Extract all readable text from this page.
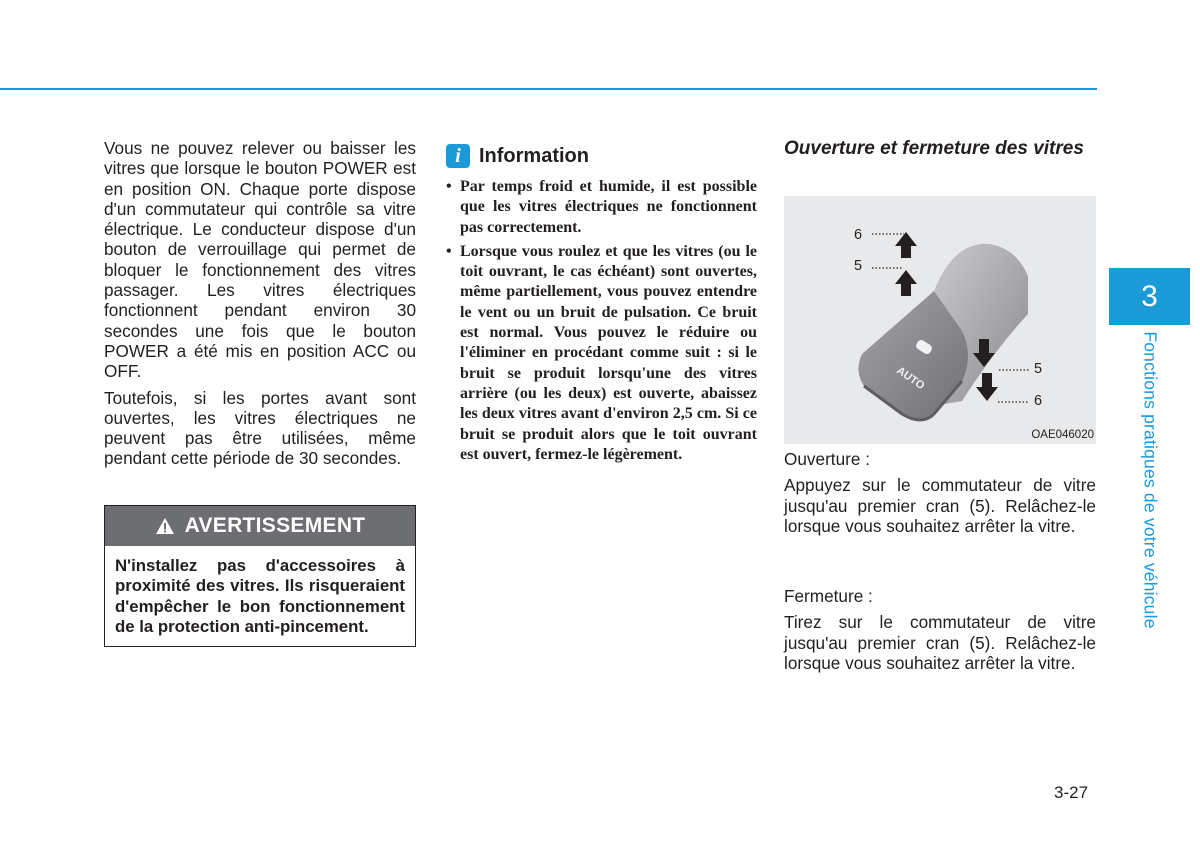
Vous ne pouvez relever ou baisser les vitres que lorsque le bouton POWER est en position ON. Chaque porte dispose d'un commutateur qui contrôle sa vitre électrique. Le conducteur dispose d'un bouton de verrouillage qui permet de bloquer le fonctionnement des vitres passager. Les vitres électriques fonctionnent pendant environ 30 secondes une fois que le bouton POWER a été mis en position ACC ou OFF.

Toutefois, si les portes avant sont ouvertes, les vitres électriques ne peuvent pas être utilisées, même pendant cette période de 30 secondes.

AVERTISSEMENT
N'installez pas d'accessoires à proximité des vitres. Ils risqueraient d'empêcher le bon fonctionnement de la protection anti-pincement.
i Information
• Par temps froid et humide, il est possible que les vitres électriques ne fonctionnent pas correctement.
• Lorsque vous roulez et que les vitres (ou le toit ouvrant, le cas échéant) sont ouvertes, même partiellement, vous pouvez entendre le vent ou un bruit de pulsation. Ce bruit est normal. Vous pouvez le réduire ou l'éliminer en procédant comme suit : si le bruit se produit lorsqu'une des vitres arrière (ou les deux) est ouverte, abaissez les deux vitres avant d'environ 2,5 cm. Si ce bruit se produit alors que le toit ouvrant est ouvert, fermez-le légèrement.
Ouverture et fermeture des vitres
AUTO
6
5
5
6
OAE046020

Ouverture :

Appuyez sur le commutateur de vitre jusqu'au premier cran (5). Relâchez-le lorsque vous souhaitez arrêter la vitre.

Fermeture :

Tirez sur le commutateur de vitre jusqu'au premier cran (5). Relâchez-le lorsque vous souhaitez arrêter la vitre.

3
Fonctions pratiques de votre véhicule
3-27
